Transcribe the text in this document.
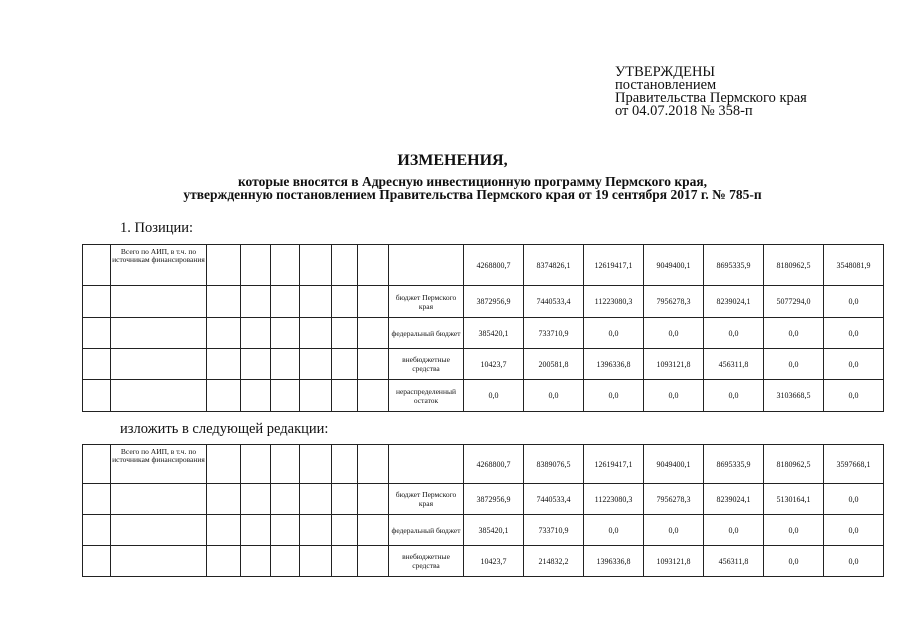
УТВЕРЖДЕНЫ
постановлением
Правительства Пермского края
от 04.07.2018 № 358-п
ИЗМЕНЕНИЯ,
которые вносятся в Адресную инвестиционную программу Пермского края,
утвержденную постановлением Правительства Пермского края от 19 сентября 2017 г. № 785-п
1. Позиции:
	Всего по АИП, в т.ч. по источникам финансирования								4268800,7	8374826,1	12619417,1	9049400,1	8695335,9	8180962,5	3548081,9
								бюджет Пермского края	3872956,9	7440533,4	11223080,3	7956278,3	8239024,1	5077294,0	0,0
								федеральный бюджет	385420,1	733710,9	0,0	0,0	0,0	0,0	0,0
								внебюджетные средства	10423,7	200581,8	1396336,8	1093121,8	456311,8	0,0	0,0
								нераспределенный остаток	0,0	0,0	0,0	0,0	0,0	3103668,5	0,0
изложить в следующей редакции:
	Всего по АИП, в т.ч. по источникам финансирования								4268800,7	8389076,5	12619417,1	9049400,1	8695335,9	8180962,5	3597668,1
								бюджет Пермского края	3872956,9	7440533,4	11223080,3	7956278,3	8239024,1	5130164,1	0,0
								федеральный бюджет	385420,1	733710,9	0,0	0,0	0,0	0,0	0,0
								внебюджетные средства	10423,7	214832,2	1396336,8	1093121,8	456311,8	0,0	0,0
